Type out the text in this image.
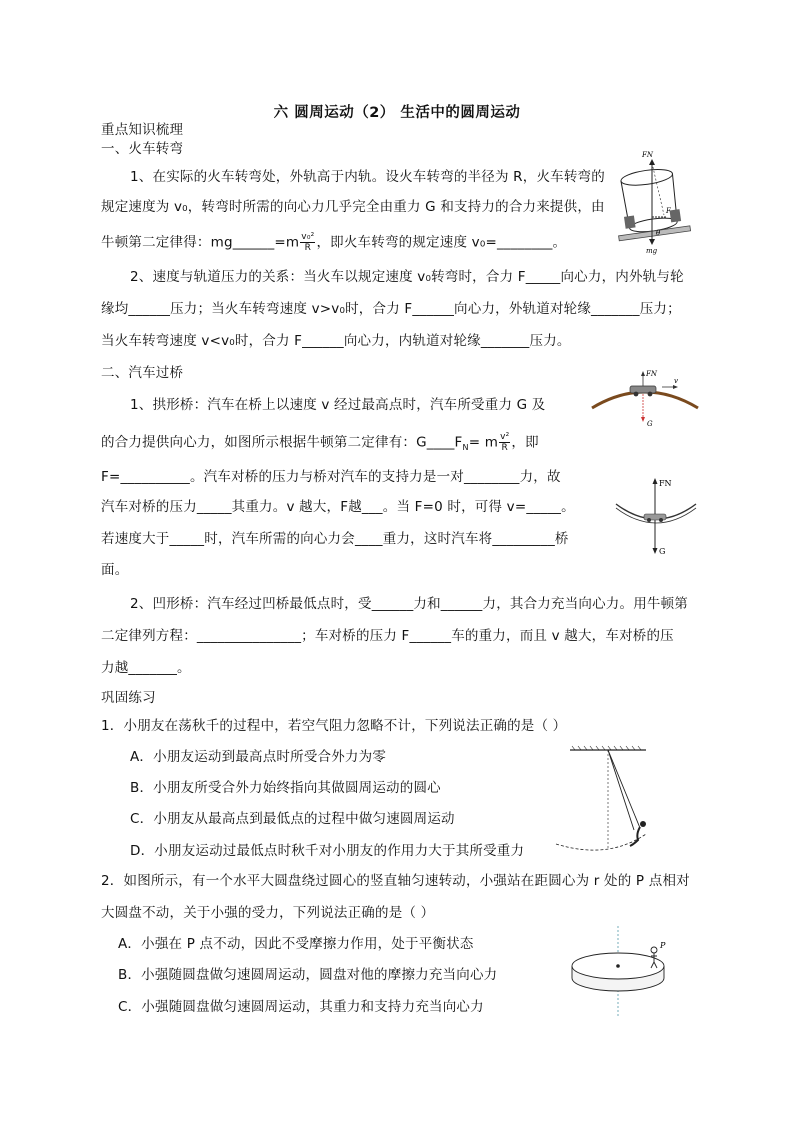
六 圆周运动（2） 生活中的圆周运动
重点知识梳理
一、火车转弯
1、在实际的火车转弯处，外轨高于内轨。设火车转弯的半径为 R，火车转弯的
规定速度为 v₀，转弯时所需的向心力几乎完全由重力 G 和支持力的合力来提供，由
牛顿第二定律得：mg______=m $\frac{\text{v₀²}}{R}$ ，即火车转弯的规定速度 v₀=________。
2、速度与轨道压力的关系：当火车以规定速度 v₀转弯时，合力 F_____向心力，内外轨与轮
缘均______压力；当火车转弯速度 v>v₀时，合力 F______向心力，外轨道对轮缘_______压力；
当火车转弯速度 v<v₀时，合力 F______向心力，内轨道对轮缘_______压力。
二、汽车过桥
1、拱形桥：汽车在桥上以速度 v 经过最高点时，汽车所受重力 G 及
的合力提供向心力，如图所示根据牛顿第二定律有：$G\_\_\_\_F_N= m \frac{\text{v²}}{R}$ ，即
F=__________。汽车对桥的压力与桥对汽车的支持力是一对________力，故
汽车对桥的压力_____其重力。v 越大，F越___。当 F=0 时，可得 v=_____。
若速度大于_____时，汽车所需的向心力会____重力，这时汽车将_________桥
面。
2、凹形桥：汽车经过凹桥最低点时，受______力和______力，其合力充当向心力。用牛顿第
二定律列方程：_______________；车对桥的压力 F______车的重力，而且 v 越大，车对桥的压
力越_______。
巩固练习
1．小朋友在荡秋千的过程中，若空气阻力忽略不计，下列说法正确的是（ ）
A．小朋友运动到最高点时所受合外力为零
B．小朋友所受合外力始终指向其做圆周运动的圆心
C．小朋友从最高点到最低点的过程中做匀速圆周运动
D．小朋友运动过最低点时秋千对小朋友的作用力大于其所受重力
2．如图所示，有一个水平大圆盘绕过圆心的竖直轴匀速转动，小强站在距圆心为 r 处的 P 点相对
大圆盘不动，关于小强的受力，下列说法正确的是（ ）
A．小强在 P 点不动，因此不受摩擦力作用，处于平衡状态
B．小强随圆盘做匀速圆周运动，圆盘对他的摩擦力充当向心力
C．小强随圆盘做匀速圆周运动，其重力和支持力充当向心力
FN
F
θ
mg
FN
v
G
FN
G
P
